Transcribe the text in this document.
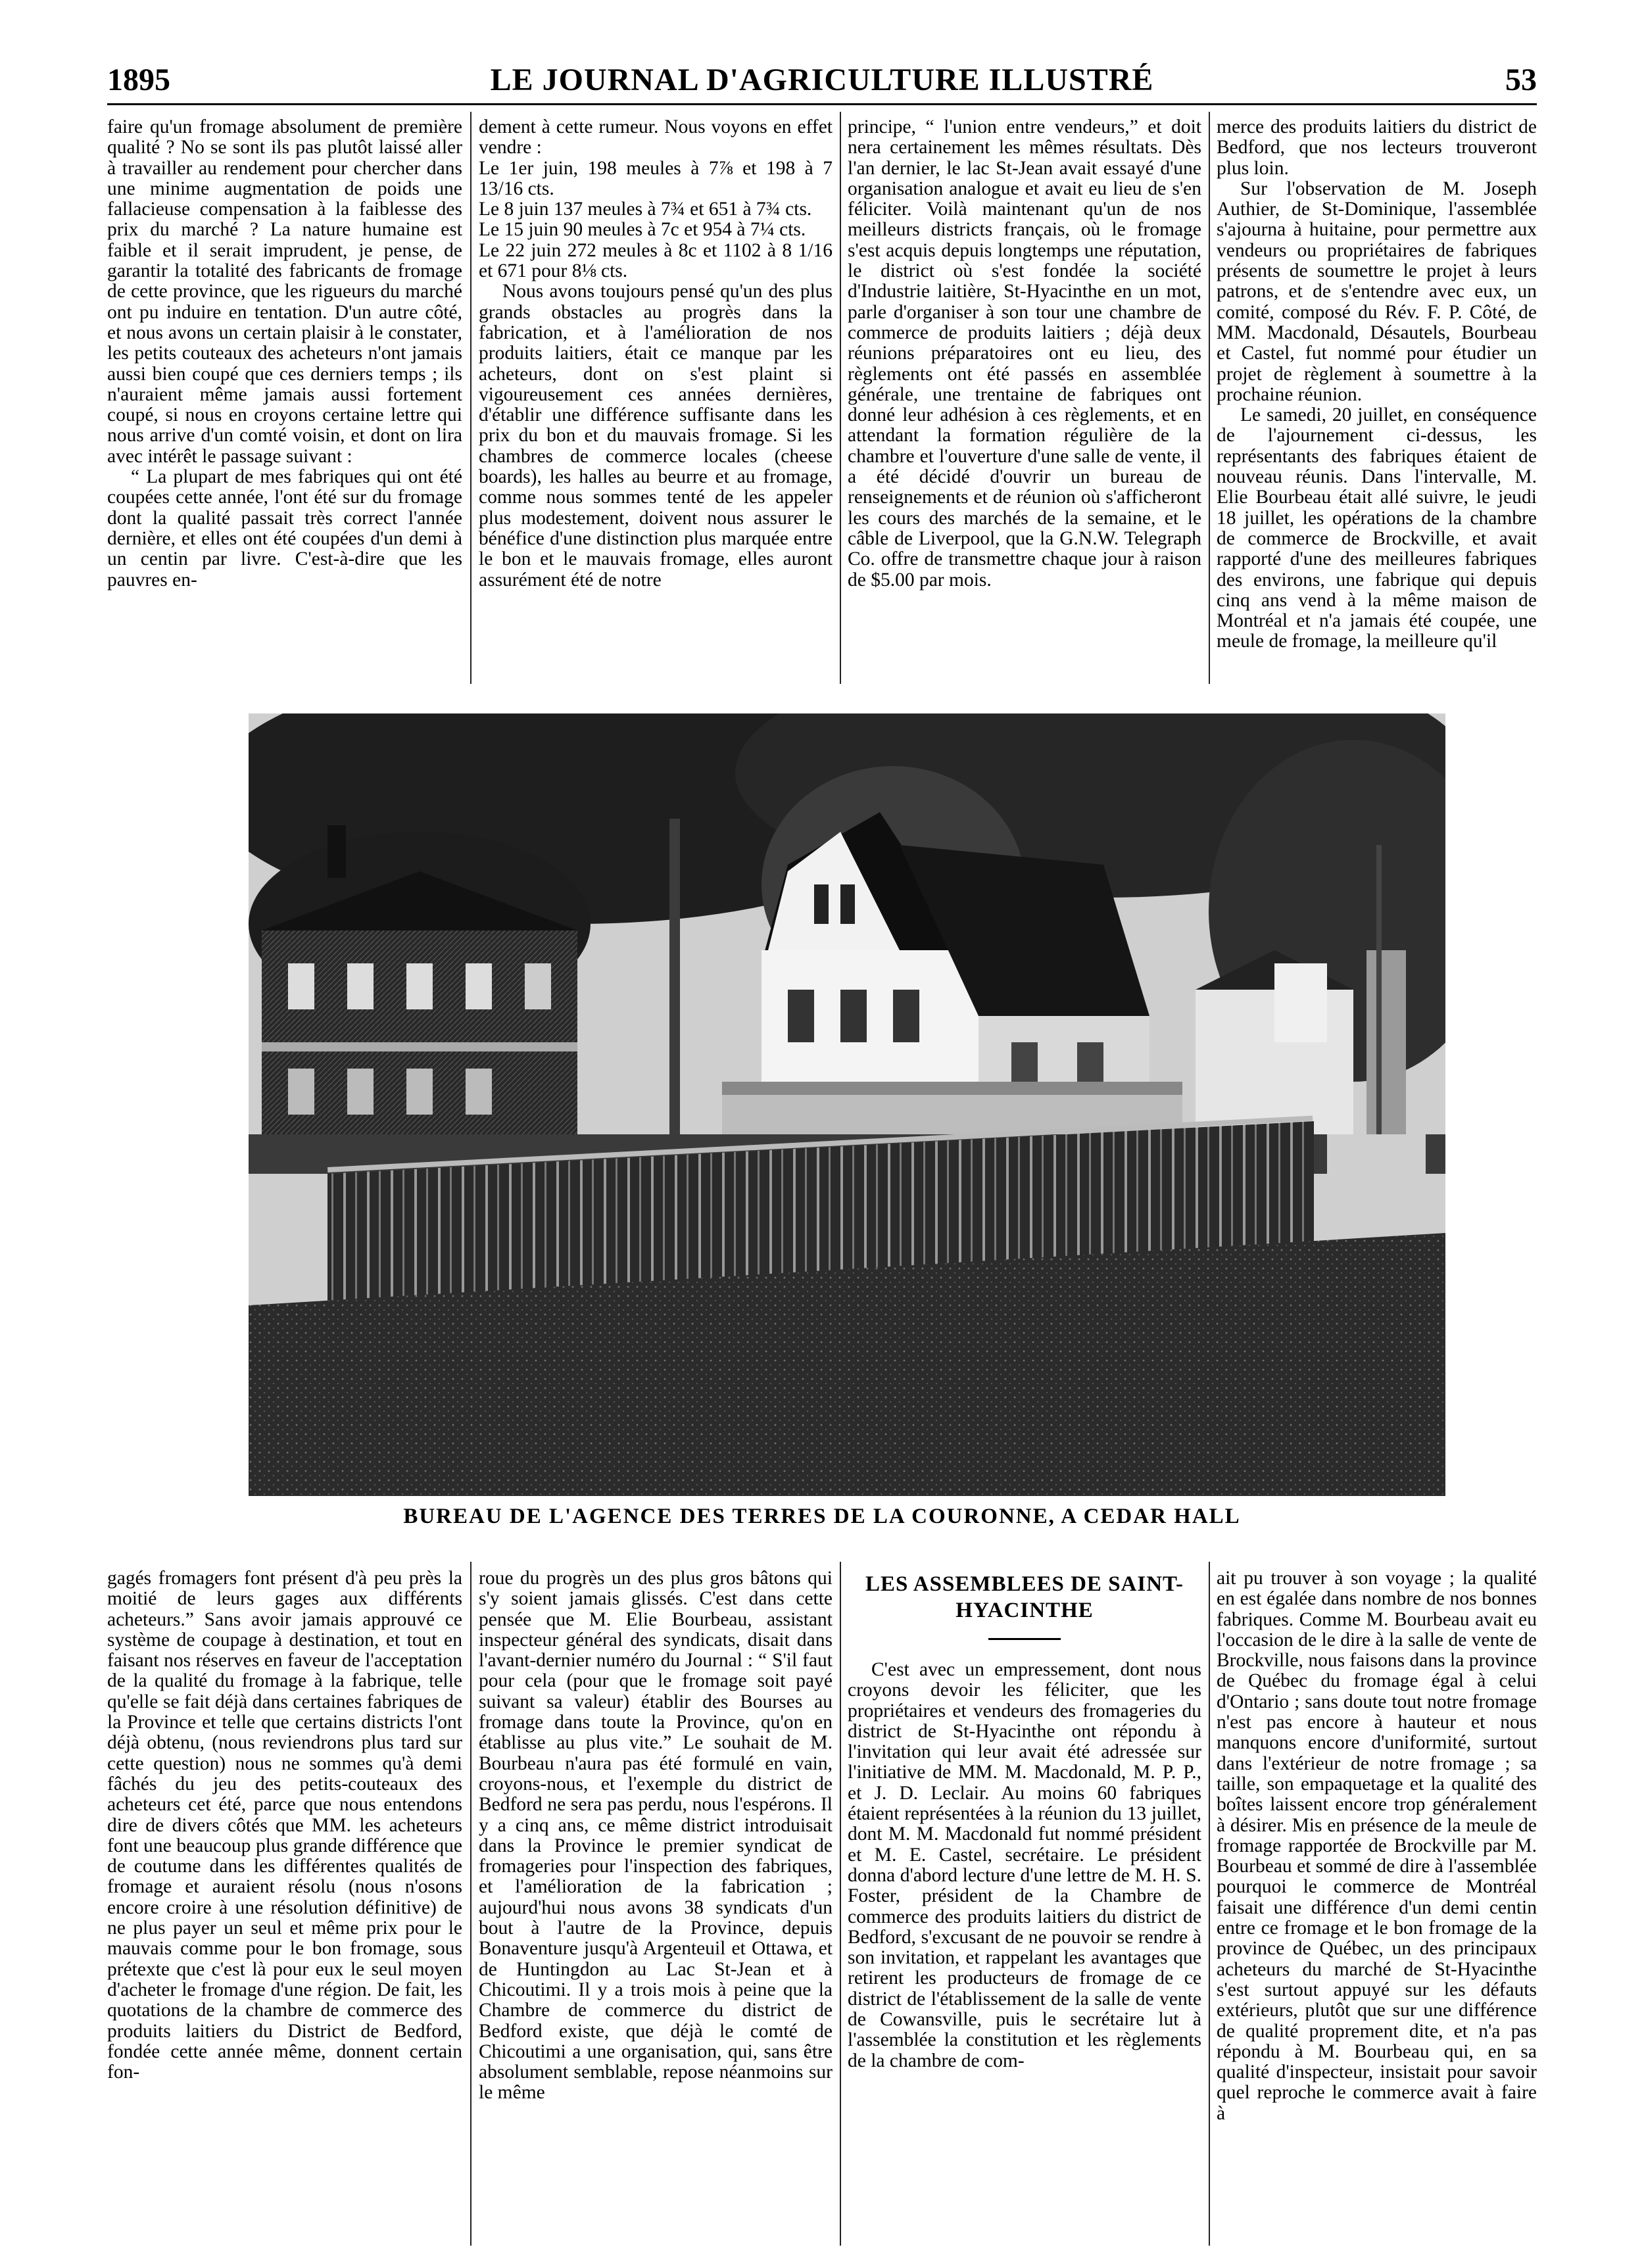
1895	LE JOURNAL D'AGRICULTURE ILLUSTRÉ	53

faire qu'un fromage absolument de première qualité ? No se sont ils pas plutôt laissé aller à travailler au rendement pour chercher dans une minime augmentation de poids une fallacieuse compensation à la faiblesse des prix du marché ? La nature humaine est faible et il serait imprudent, je pense, de garantir la totalité des fabricants de fromage de cette province, que les rigueurs du marché ont pu induire en tentation. D'un autre côté, et nous avons un certain plaisir à le constater, les petits couteaux des acheteurs n'ont jamais aussi bien coupé que ces derniers temps ; ils n'auraient même jamais aussi fortement coupé, si nous en croyons certaine lettre qui nous arrive d'un comté voisin, et dont on lira avec intérêt le passage suivant :

“ La plupart de mes fabriques qui ont été coupées cette année, l'ont été sur du fromage dont la qualité passait très correct l'année dernière, et elles ont été coupées d'un demi à un centin par livre. C'est-à-dire que les pauvres en-

dement à cette rumeur. Nous voyons en effet vendre :

Le 1er juin, 198 meules à 7⅞ et 198 à 7 13/16 cts.

Le 8 juin 137 meules à 7¾ et 651 à 7¾ cts.

Le 15 juin 90 meules à 7c et 954 à 7¼ cts.

Le 22 juin 272 meules à 8c et 1102 à 8 1/16 et 671 pour 8⅛ cts.

Nous avons toujours pensé qu'un des plus grands obstacles au progrès dans la fabrication, et à l'amélioration de nos produits laitiers, était ce manque par les acheteurs, dont on s'est plaint si vigoureusement ces années dernières, d'établir une différence suffisante dans les prix du bon et du mauvais fromage. Si les chambres de commerce locales (cheese boards), les halles au beurre et au fromage, comme nous sommes tenté de les appeler plus modestement, doivent nous assurer le bénéfice d'une distinction plus marquée entre le bon et le mauvais fromage, elles auront assurément été de notre

principe, “ l'union entre vendeurs,” et doit nera certainement les mêmes résultats. Dès l'an dernier, le lac St-Jean avait essayé d'une organisation analogue et avait eu lieu de s'en féliciter. Voilà maintenant qu'un de nos meilleurs districts français, où le fromage s'est acquis depuis longtemps une réputation, le district où s'est fondée la société d'Industrie laitière, St-Hyacinthe en un mot, parle d'organiser à son tour une chambre de commerce de produits laitiers ; déjà deux réunions préparatoires ont eu lieu, des règlements ont été passés en assemblée générale, une trentaine de fabriques ont donné leur adhésion à ces règlements, et en attendant la formation régulière de la chambre et l'ouverture d'une salle de vente, il a été décidé d'ouvrir un bureau de renseignements et de réunion où s'afficheront les cours des marchés de la semaine, et le câble de Liverpool, que la G.N.W. Telegraph Co. offre de transmettre chaque jour à raison de $5.00 par mois.

merce des produits laitiers du district de Bedford, que nos lecteurs trouveront plus loin.

Sur l'observation de M. Joseph Authier, de St-Dominique, l'assemblée s'ajourna à huitaine, pour permettre aux vendeurs ou propriétaires de fabriques présents de soumettre le projet à leurs patrons, et de s'entendre avec eux, un comité, composé du Rév. F. P. Côté, de MM. Macdonald, Désautels, Bourbeau et Castel, fut nommé pour étudier un projet de règlement à soumettre à la prochaine réunion.

Le samedi, 20 juillet, en conséquence de l'ajournement ci-dessus, les représentants des fabriques étaient de nouveau réunis. Dans l'intervalle, M. Elie Bourbeau était allé suivre, le jeudi 18 juillet, les opérations de la chambre de commerce de Brockville, et avait rapporté d'une des meilleures fabriques des environs, une fabrique qui depuis cinq ans vend à la même maison de Montréal et n'a jamais été coupée, une meule de fromage, la meilleure qu'il

BUREAU DE L'AGENCE DES TERRES DE LA COURONNE, A CEDAR HALL

gagés fromagers font présent d'à peu près la moitié de leurs gages aux différents acheteurs.” Sans avoir jamais approuvé ce système de coupage à destination, et tout en faisant nos réserves en faveur de l'acceptation de la qualité du fromage à la fabrique, telle qu'elle se fait déjà dans certaines fabriques de la Province et telle que certains districts l'ont déjà obtenu, (nous reviendrons plus tard sur cette question) nous ne sommes qu'à demi fâchés du jeu des petits-couteaux des acheteurs cet été, parce que nous entendons dire de divers côtés que MM. les acheteurs font une beaucoup plus grande différence que de coutume dans les différentes qualités de fromage et auraient résolu (nous n'osons encore croire à une résolution définitive) de ne plus payer un seul et même prix pour le mauvais comme pour le bon fromage, sous prétexte que c'est là pour eux le seul moyen d'acheter le fromage d'une région. De fait, les quotations de la chambre de commerce des produits laitiers du District de Bedford, fondée cette année même, donnent certain fon-

roue du progrès un des plus gros bâtons qui s'y soient jamais glissés. C'est dans cette pensée que M. Elie Bourbeau, assistant inspecteur général des syndicats, disait dans l'avant-dernier numéro du Journal : “ S'il faut pour cela (pour que le fromage soit payé suivant sa valeur) établir des Bourses au fromage dans toute la Province, qu'on en établisse au plus vite.” Le souhait de M. Bourbeau n'aura pas été formulé en vain, croyons-nous, et l'exemple du district de Bedford ne sera pas perdu, nous l'espérons. Il y a cinq ans, ce même district introduisait dans la Province le premier syndicat de fromageries pour l'inspection des fabriques, et l'amélioration de la fabrication ; aujourd'hui nous avons 38 syndicats d'un bout à l'autre de la Province, depuis Bonaventure jusqu'à Argenteuil et Ottawa, et de Huntingdon au Lac St-Jean et à Chicoutimi. Il y a trois mois à peine que la Chambre de commerce du district de Bedford existe, que déjà le comté de Chicoutimi a une organisation, qui, sans être absolument semblable, repose néanmoins sur le même

LES ASSEMBLEES DE SAINT-HYACINTHE

C'est avec un empressement, dont nous croyons devoir les féliciter, que les propriétaires et vendeurs des fromageries du district de St-Hyacinthe ont répondu à l'invitation qui leur avait été adressée sur l'initiative de MM. M. Macdonald, M. P. P., et J. D. Leclair. Au moins 60 fabriques étaient représentées à la réunion du 13 juillet, dont M. M. Macdonald fut nommé président et M. E. Castel, secrétaire. Le président donna d'abord lecture d'une lettre de M. H. S. Foster, président de la Chambre de commerce des produits laitiers du district de Bedford, s'excusant de ne pouvoir se rendre à son invitation, et rappelant les avantages que retirent les producteurs de fromage de ce district de l'établissement de la salle de vente de Cowansville, puis le secrétaire lut à l'assemblée la constitution et les règlements de la chambre de com-

ait pu trouver à son voyage ; la qualité en est égalée dans nombre de nos bonnes fabriques. Comme M. Bourbeau avait eu l'occasion de le dire à la salle de vente de Brockville, nous faisons dans la province de Québec du fromage égal à celui d'Ontario ; sans doute tout notre fromage n'est pas encore à hauteur et nous manquons encore d'uniformité, surtout dans l'extérieur de notre fromage ; sa taille, son empaquetage et la qualité des boîtes laissent encore trop généralement à désirer. Mis en présence de la meule de fromage rapportée de Brockville par M. Bourbeau et sommé de dire à l'assemblée pourquoi le commerce de Montréal faisait une différence d'un demi centin entre ce fromage et le bon fromage de la province de Québec, un des principaux acheteurs du marché de St-Hyacinthe s'est surtout appuyé sur les défauts extérieurs, plutôt que sur une différence de qualité proprement dite, et n'a pas répondu à M. Bourbeau qui, en sa qualité d'inspecteur, insistait pour savoir quel reproche le commerce avait à faire à
